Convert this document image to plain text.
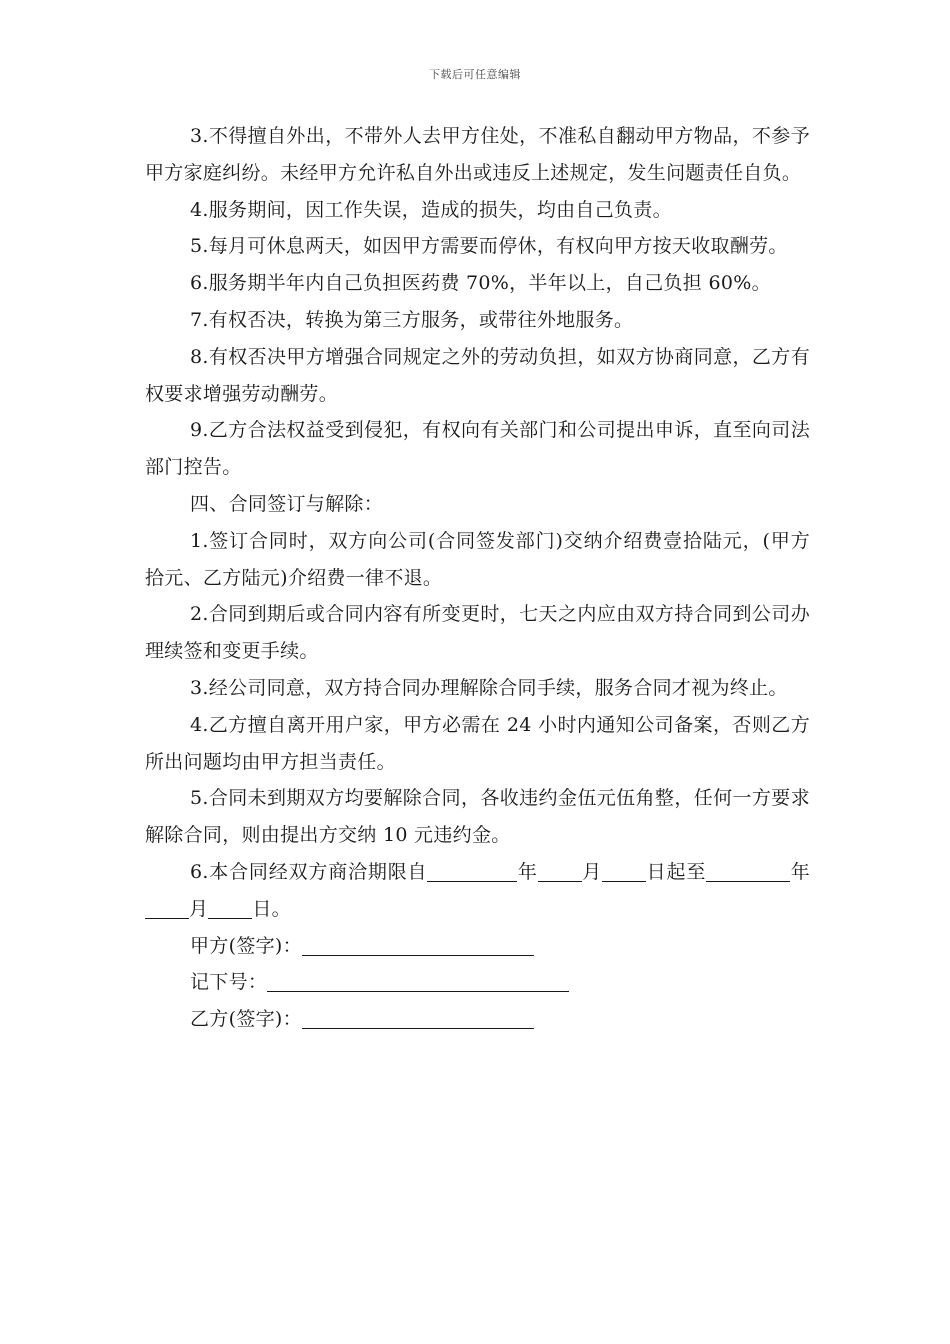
下载后可任意编辑

3.不得擅自外出，不带外人去甲方住处，不准私自翻动甲方物品，不参予甲方家庭纠纷。未经甲方允许私自外出或违反上述规定，发生问题责任自负。

4.服务期间，因工作失误，造成的损失，均由自己负责。

5.每月可休息两天，如因甲方需要而停休，有权向甲方按天收取酬劳。

6.服务期半年内自己负担医药费 70%，半年以上，自己负担 60%。

7.有权否决，转换为第三方服务，或带往外地服务。

8.有权否决甲方增强合同规定之外的劳动负担，如双方协商同意，乙方有权要求增强劳动酬劳。

9.乙方合法权益受到侵犯，有权向有关部门和公司提出申诉，直至向司法部门控告。

四、合同签订与解除：

1.签订合同时，双方向公司(合同签发部门)交纳介绍费壹拾陆元，(甲方拾元、乙方陆元)介绍费一律不退。

2.合同到期后或合同内容有所变更时，七天之内应由双方持合同到公司办理续签和变更手续。

3.经公司同意，双方持合同办理解除合同手续，服务合同才视为终止。

4.乙方擅自离开用户家，甲方必需在 24 小时内通知公司备案，否则乙方所出问题均由甲方担当责任。

5.合同未到期双方均要解除合同，各收违约金伍元伍角整，任何一方要求解除合同，则由提出方交纳 10 元违约金。

6.本合同经双方商洽期限自	年 月 日起至	年月 日。

甲方(签字)：

记下号：

乙方(签字)：
